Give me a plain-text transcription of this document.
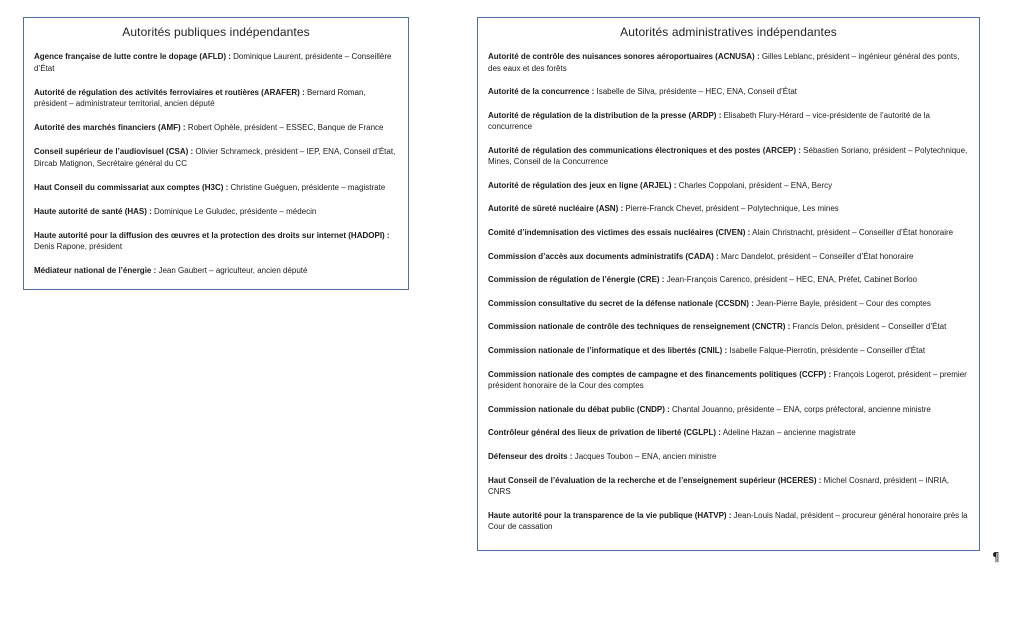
Autorités publiques indépendantes
Agence française de lutte contre le dopage (AFLD) : Dominique Laurent, présidente – Conseillère d’État
Autorité de régulation des activités ferroviaires et routières (ARAFER) : Bernard Roman, président – administrateur territorial, ancien député
Autorité des marchés financiers (AMF) : Robert Ophèle, président – ESSEC, Banque de France
Conseil supérieur de l’audiovisuel (CSA) : Olivier Schrameck, président – IEP, ENA, Conseil d’État, Dircab Matignon, Secrétaire général du CC
Haut Conseil du commissariat aux comptes (H3C) : Christine Guéguen, présidente – magistrate
Haute autorité de santé (HAS) : Dominique Le Guludec, présidente – médecin
Haute autorité pour la diffusion des œuvres et la protection des droits sur internet (HADOPI) : Denis Rapone, président
Médiateur national de l’énergie : Jean Gaubert – agriculteur, ancien député
Autorités administratives indépendantes
Autorité de contrôle des nuisances sonores aéroportuaires (ACNUSA) : Gilles Leblanc, président – ingénieur général des ponts, des eaux et des forêts
Autorité de la concurrence : Isabelle de Silva, présidente – HEC, ENA, Conseil d’État
Autorité de régulation de la distribution de la presse (ARDP) : Elisabeth Flury-Hérard – vice-présidente de l’autorité de la concurrence
Autorité de régulation des communications électroniques et des postes (ARCEP) : Sébastien Soriano, président – Polytechnique, Mines, Conseil de la Concurrence
Autorité de régulation des jeux en ligne (ARJEL) : Charles Coppolani, président – ENA, Bercy
Autorité de sûreté nucléaire (ASN) : Pierre-Franck Chevet, président – Polytechnique, Les mines
Comité d’indemnisation des victimes des essais nucléaires (CIVEN) : Alain Christnacht, président – Conseiller d’État honoraire
Commission d’accès aux documents administratifs (CADA) : Marc Dandelot, président – Conseiller d’État honoraire
Commission de régulation de l’énergie (CRE) : Jean-François Carenco, président – HEC, ENA, Préfet, Cabinet Borloo
Commission consultative du secret de la défense nationale (CCSDN) : Jean-Pierre Bayle, président – Cour des comptes
Commission nationale de contrôle des techniques de renseignement (CNCTR) : Francis Delon, président – Conseiller d’État
Commission nationale de l’informatique et des libertés (CNIL) : Isabelle Falque-Pierrotin, présidente – Conseiller d’État
Commission nationale des comptes de campagne et des financements politiques (CCFP) : François Logerot, président – premier président honoraire de la Cour des comptes
Commission nationale du débat public (CNDP) : Chantal Jouanno, présidente – ENA, corps préfectoral, ancienne ministre
Contrôleur général des lieux de privation de liberté (CGLPL) : Adeline Hazan – ancienne magistrate
Défenseur des droits : Jacques Toubon – ENA, ancien ministre
Haut Conseil de l’évaluation de la recherche et de l’enseignement supérieur (HCERES) : Michel Cosnard, président – INRIA, CNRS
Haute autorité pour la transparence de la vie publique (HATVP) : Jean-Louis Nadal, président – procureur général honoraire près la Cour de cassation
¶
